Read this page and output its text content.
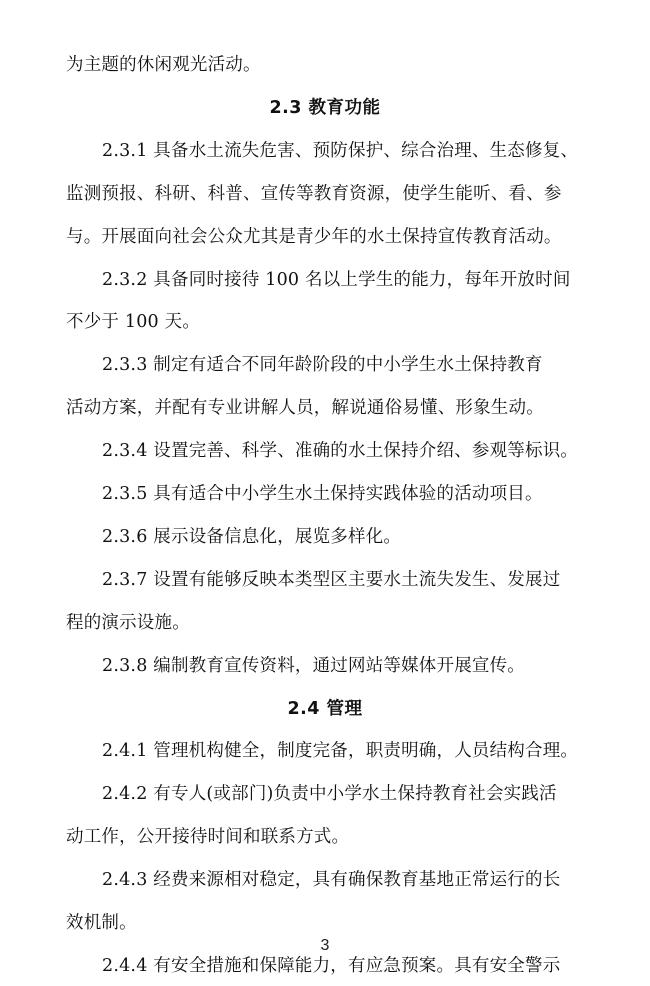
为主题的休闲观光活动。
2.3 教育功能
2.3.1 具备水土流失危害、预防保护、综合治理、生态修复、
监测预报、科研、科普、宣传等教育资源，使学生能听、看、参
与。开展面向社会公众尤其是青少年的水土保持宣传教育活动。
2.3.2 具备同时接待 100 名以上学生的能力，每年开放时间
不少于 100 天。
2.3.3 制定有适合不同年龄阶段的中小学生水土保持教育
活动方案，并配有专业讲解人员，解说通俗易懂、形象生动。
2.3.4 设置完善、科学、准确的水土保持介绍、参观等标识。
2.3.5 具有适合中小学生水土保持实践体验的活动项目。
2.3.6 展示设备信息化，展览多样化。
2.3.7 设置有能够反映本类型区主要水土流失发生、发展过
程的演示设施。
2.3.8 编制教育宣传资料，通过网站等媒体开展宣传。
2.4 管理
2.4.1 管理机构健全，制度完备，职责明确，人员结构合理。
2.4.2 有专人(或部门)负责中小学水土保持教育社会实践活
动工作，公开接待时间和联系方式。
2.4.3 经费来源相对稳定，具有确保教育基地正常运行的长
效机制。
2.4.4 有安全措施和保障能力，有应急预案。具有安全警示
3
